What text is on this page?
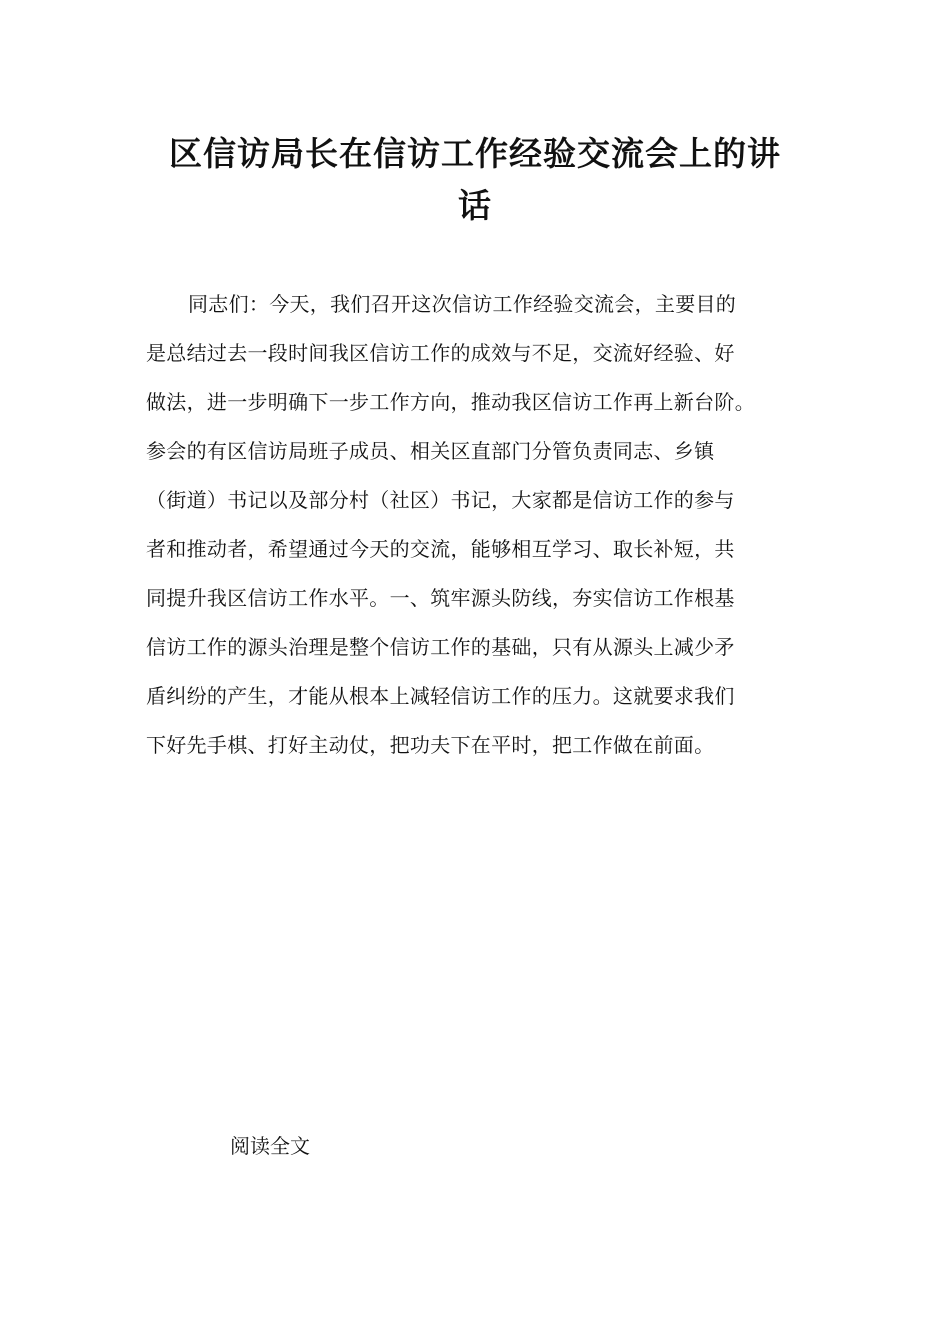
区信访局长在信访工作经验交流会上的讲
话
同志们：今天，我们召开这次信访工作经验交流会，主要目的
是总结过去一段时间我区信访工作的成效与不足，交流好经验、好
做法，进一步明确下一步工作方向，推动我区信访工作再上新台阶。
参会的有区信访局班子成员、相关区直部门分管负责同志、乡镇
（街道）书记以及部分村（社区）书记，大家都是信访工作的参与
者和推动者，希望通过今天的交流，能够相互学习、取长补短，共
同提升我区信访工作水平。一、筑牢源头防线，夯实信访工作根基
信访工作的源头治理是整个信访工作的基础，只有从源头上减少矛
盾纠纷的产生，才能从根本上减轻信访工作的压力。这就要求我们
下好先手棋、打好主动仗，把功夫下在平时，把工作做在前面。
阅读全文
